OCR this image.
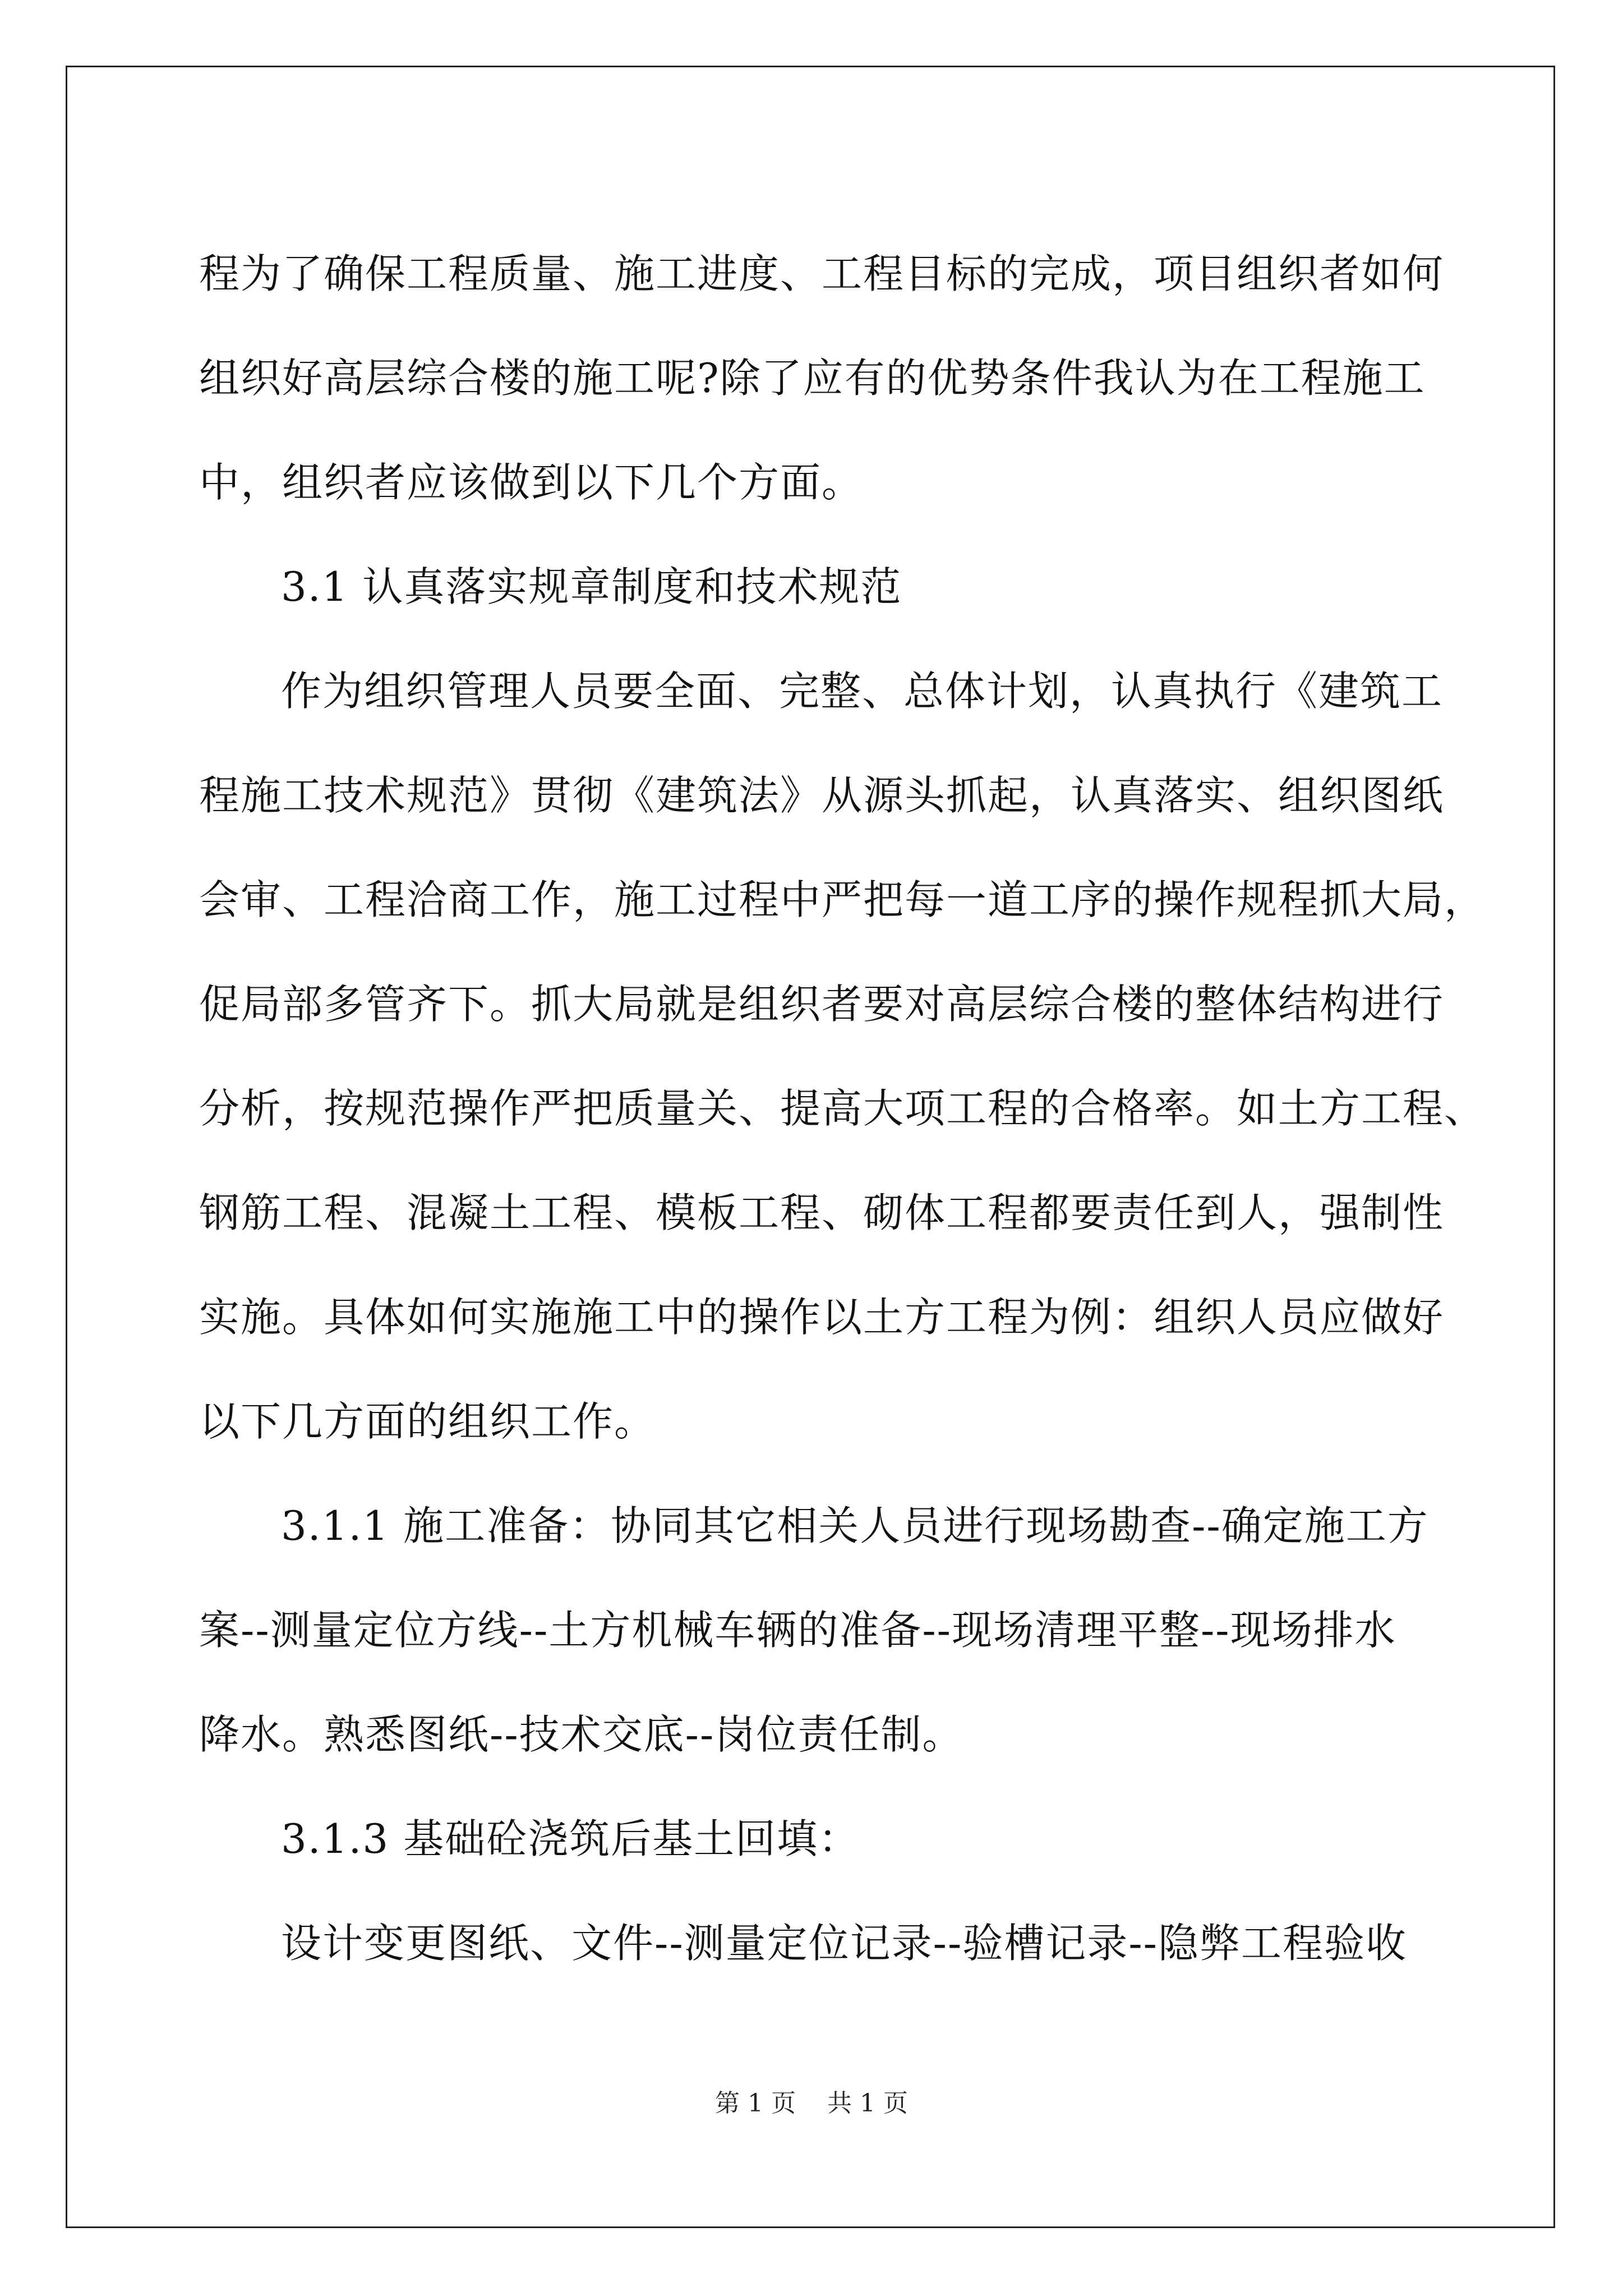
程为了确保工程质量、施工进度、工程目标的完成，项目组织者如何
组织好高层综合楼的施工呢?除了应有的优势条件我认为在工程施工
中，组织者应该做到以下几个方面。
3.1 认真落实规章制度和技术规范
作为组织管理人员要全面、完整、总体计划，认真执行《建筑工
程施工技术规范》贯彻《建筑法》从源头抓起，认真落实、组织图纸
会审、工程洽商工作，施工过程中严把每一道工序的操作规程抓大局，
促局部多管齐下。抓大局就是组织者要对高层综合楼的整体结构进行
分析，按规范操作严把质量关、提高大项工程的合格率。如土方工程、
钢筋工程、混凝土工程、模板工程、砌体工程都要责任到人，强制性
实施。具体如何实施施工中的操作以土方工程为例：组织人员应做好
以下几方面的组织工作。
3.1.1 施工准备：协同其它相关人员进行现场勘查--确定施工方
案--测量定位方线--土方机械车辆的准备--现场清理平整--现场排水
降水。熟悉图纸--技术交底--岗位责任制。
3.1.3 基础砼浇筑后基土回填：
设计变更图纸、文件--测量定位记录--验槽记录--隐弊工程验收
第 1 页    共 1 页
